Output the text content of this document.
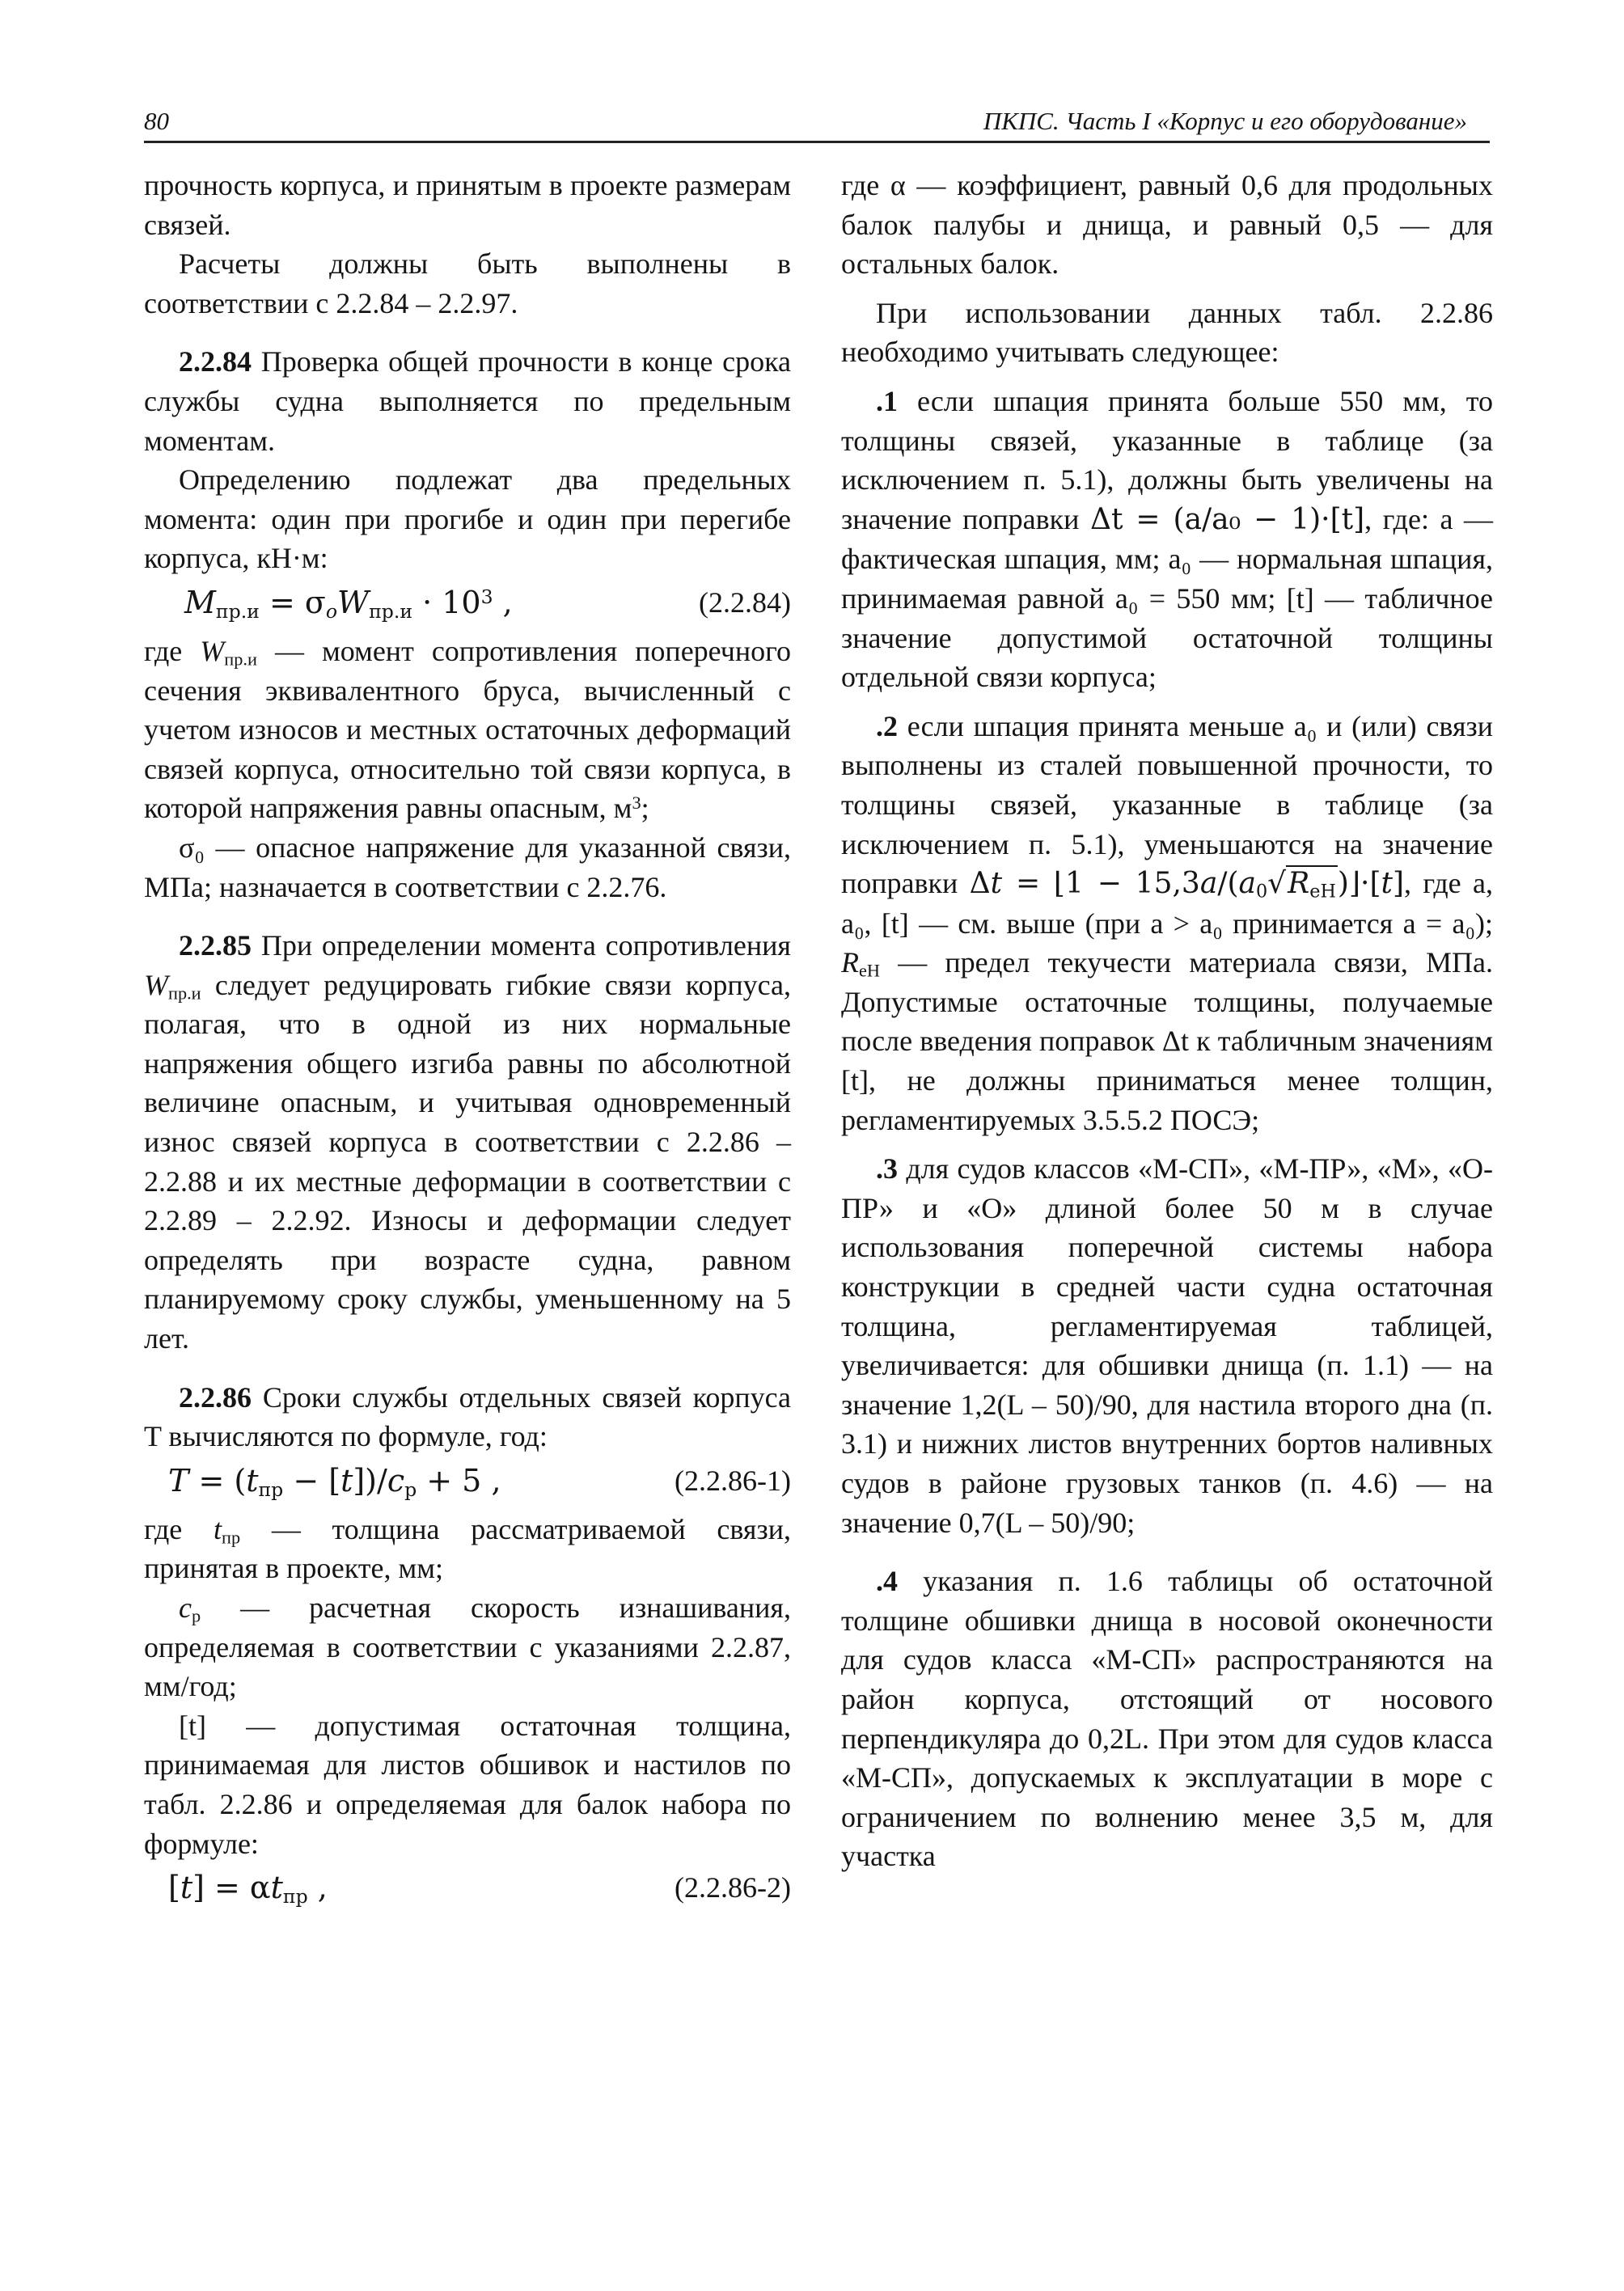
80	ПКПС. Часть I «Корпус и его оборудование»

прочность корпуса, и принятым в проекте размерам связей.

Расчеты должны быть выполнены в соответствии с 2.2.84 – 2.2.97.

2.2.84 Проверка общей прочности в конце срока службы судна выполняется по предельным моментам.

Определению подлежат два предельных момента: один при прогибе и один при перегибе корпуса, кН·м:

$M_{пр.и} = \sigma_oW_{пр.и} \cdot 10^3$ ,	(2.2.84)

где $W_{пр.и}$ — момент сопротивления поперечного сечения эквивалентного бруса, вычисленный с учетом износов и местных остаточных деформаций связей корпуса, относительно той связи корпуса, в которой напряжения равны опасным, $м^3$;

σ₀ — опасное напряжение для указанной связи, МПа; назначается в соответствии с 2.2.76.

2.2.85 При определении момента сопротивления $W_{пр.и}$ следует редуцировать гибкие связи корпуса, полагая, что в одной из них нормальные напряжения общего изгиба равны по абсолютной величине опасным, и учитывая одновременный износ связей корпуса в соответствии с 2.2.86 – 2.2.88 и их местные деформации в соответствии с 2.2.89 – 2.2.92. Износы и деформации следует определять при возрасте судна, равном планируемому сроку службы, уменьшенному на 5 лет.

2.2.86 Сроки службы отдельных связей корпуса T вычисляются по формуле, год:

$T = (t_{пр} - [t])/c_р + 5$ ,	(2.2.86-1)

где $t_{пр}$ — толщина рассматриваемой связи, принятая в проекте, мм;

$c_р$ — расчетная скорость изнашивания, определяемая в соответствии с указаниями 2.2.87, мм/год;

[t] — допустимая остаточная толщина, принимаемая для листов обшивок и настилов по табл. 2.2.86 и определяемая для балок набора по формуле:

$[t] = \alpha t_{пр}$ ,	(2.2.86-2)

где α — коэффициент, равный 0,6 для продольных балок палубы и днища, и равный 0,5 — для остальных балок.

При использовании данных табл. 2.2.86 необходимо учитывать следующее:

.1 если шпация принята больше 550 мм, то толщины связей, указанные в таблице (за исключением п. 5.1), должны быть увеличены на значение поправки Δt = (a/a₀ − 1)·[t], где: a — фактическая шпация, мм; a₀ — нормальная шпация, принимаемая равной a₀ = 550 мм; [t] — табличное значение допустимой остаточной толщины отдельной связи корпуса;

.2 если шпация принята меньше a₀ и (или) связи выполнены из сталей повышенной прочности, то толщины связей, указанные в таблице (за исключением п. 5.1), уменьшаются на значение поправки Δt = ⌊1 − $15,3a/(a_0√R_{eH})⌋\cdot[t]$, где a, a₀, [t] — см. выше (при a > a₀ принимается a = a₀); $R_{eH}$ — предел текучести материала связи, МПа. Допустимые остаточные толщины, получаемые после введения поправок Δt к табличным значениям [t], не должны приниматься менее толщин, регламентируемых 3.5.5.2 ПОСЭ;

.3 для судов классов «М-СП», «М-ПР», «М», «О-ПР» и «О» длиной более 50 м в случае использования поперечной системы набора конструкции в средней части судна остаточная толщина, регламентируемая таблицей, увеличивается: для обшивки днища (п. 1.1) — на значение 1,2(L – 50)/90, для настила второго дна (п. 3.1) и нижних листов внутренних бортов наливных судов в районе грузовых танков (п. 4.6) — на значение 0,7(L – 50)/90;

.4 указания п. 1.6 таблицы об остаточной толщине обшивки днища в носовой оконечности для судов класса «М-СП» распространяются на район корпуса, отстоящий от носового перпендикуляра до 0,2L. При этом для судов класса «М-СП», допускаемых к эксплуатации в море с ограничением по волнению менее 3,5 м, для участка
